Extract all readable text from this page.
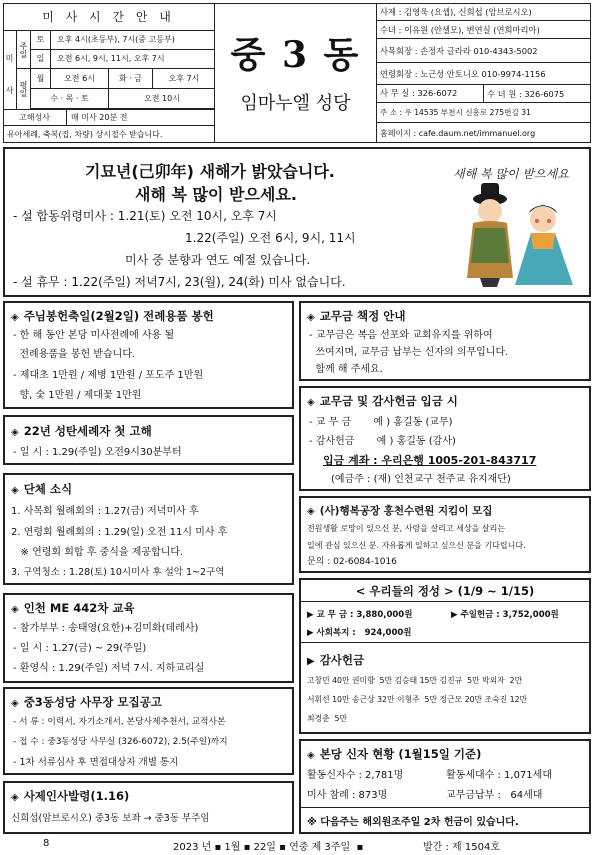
미 사 시 간 안 내
미
사
주일
평일
토	오후 4시(초등부), 7시(중 고등부)
일	오전 6시, 9시, 11시, 오후 7시
월	오전 6시	화 · 금	오후 7시
수 · 목 · 토	오전 10시
고해성사	매 미사 20분 전
유아세례, 축복(집, 차량) 상시접수 받습니다.
중 3 동
임마누엘 성당
사제 : 김영욱 (요셉), 신희섭 (암브로시오)
수녀 : 이유원 (안셀모), 변연실 (연희마리아)
사목회장 : 손정자 글라라 010-4343-5002
연령회장 : 노근성 안토니오 010-9974-1156
사 무 실 : 326-6072	수 녀 원 : 326-6075
주 소 : 우 14535 부천시 신흥로 275번길 31
홈페이지 : cafe.daum.net/immanuel.org
기묘년(己卯年) 새해가 밝았습니다.
새해 복 많이 받으세요.
- 설 합동위령미사 : 1.21(토) 오전 10시, 오후 7시
1.22(주일) 오전 6시, 9시, 11시
미사 중 분향과 연도 예절 있습니다.
- 설 휴무 : 1.22(주일) 저녁7시, 23(월), 24(화) 미사 없습니다.
새해 복 많이 받으세요
◈ 주님봉헌축일(2월2일) 전례용품 봉헌
- 한 해 동안 본당 미사전례에 사용 될
전례용품을 봉헌 받습니다.
- 제대초 1만원 / 제병 1만원 / 포도주 1만원
향, 숯 1만원 / 제대꽃 1만원
◈ 22년 성탄세례자 첫 고해
- 일 시 : 1.29(주일) 오전9시30분부터
◈ 단체 소식
1. 사목회 월례회의 : 1.27(금) 저녁미사 후
2. 연령회 월례회의 : 1.29(일) 오전 11시 미사 후
※ 연령회 회합 후 중식을 제공합니다.
3. 구역청소 : 1.28(토) 10시미사 후 설악 1~2구역
◈ 인천 ME 442차 교육
- 참가부부 : 송태영(요한)+김미화(데레사)
- 일 시 : 1.27(금) ~ 29(주일)
- 환영식 : 1.29(주일) 저녁 7시. 지하교리실
◈ 중3동성당 사무장 모집공고
- 서 류 : 이력서, 자기소개서, 본당사제추천서, 교적사본
- 접 수 : 중3동성당 사무실 (326-6072), 2.5(주일)까지
- 1차 서류심사 후 면접대상자 개별 통지
◈ 사제인사발령(1.16)
신희섭(암브로시오) 중3동 보좌 → 중3동 부주임
◈ 교무금 책정 안내
- 교무금은 복음 선포와 교회유지를 위하여
쓰여지며, 교무금 납부는 신자의 의무입니다.
함께 해 주세요.
◈ 교무금 및 감사헌금 입금 시
- 교 무 금       예 ) 홍길동 (교무)
- 감사헌금       예 ) 홍길동 (감사)
입금 계좌 : 우리은행 1005-201-843717
(예금주 : (재) 인천교구 천주교 유지재단)
◈ (사)행복공장 홍천수련원 지킴이 모집
전원생활 로망이 있으신 분, 사람을 살리고 세상을 살리는
일에 관심 있으신 분. 자유롭게 일하고 싶으신 분을 기다립니다.
문의 : 02-6084-1016
< 우리들의 정성 > (1/9 ~ 1/15)
▶ 교 무 금 : 3,880,000원	▶ 주일헌금 : 3,752,000원
▶ 사회복지 :   924,000원
▶ 감사헌금
고창민 40만 권미향  5만 김승태 15만 김진규  5만 박외자  2만
서휘선 10만 송근상 32만 이형주  5만 정근모 20만 조숙진 12만
최경춘  5만
◈ 본당 신자 현황 (1월15일 기준)
활동신자수 : 2,781명	활동세대수 : 1,071세대
미사 참례 : 873명	교무금납부 :   64세대
※ 다음주는 해외원조주일 2차 헌금이 있습니다.
8	2023 년 ▪ 1월 ▪ 22일 ▪ 연중 제 3주일  ▪	발간 : 제 1504호
